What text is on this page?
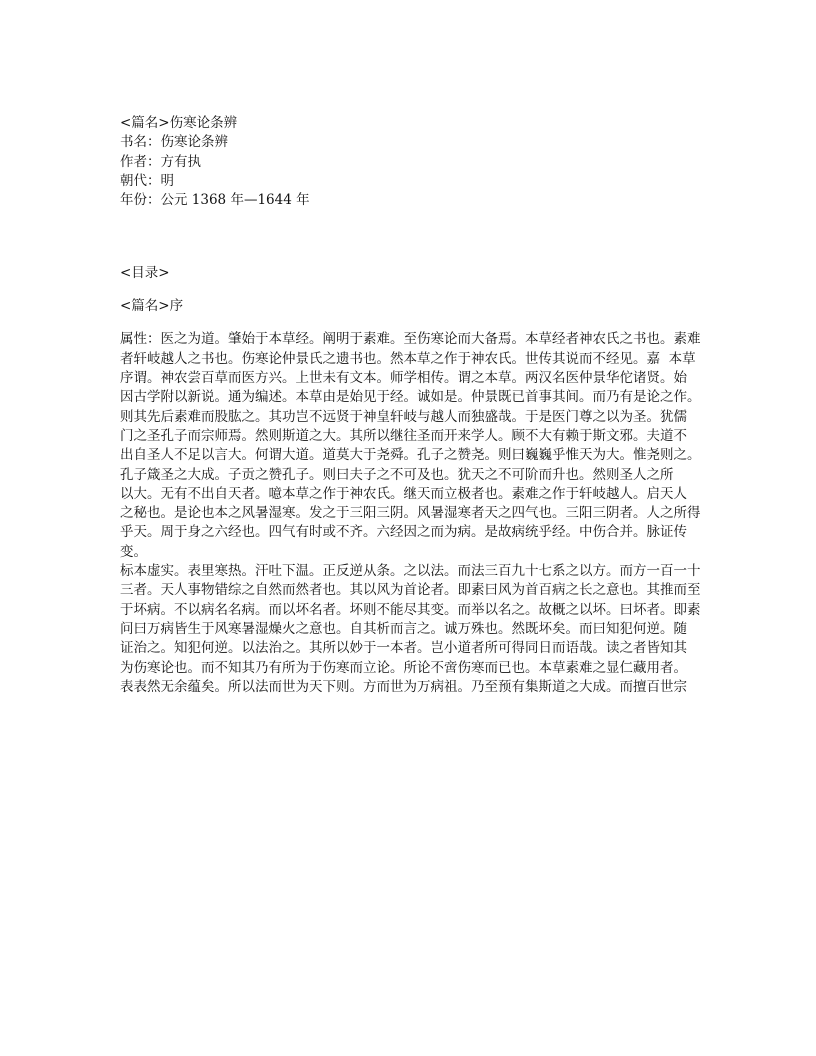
<篇名>伤寒论条辨
书名：伤寒论条辨
作者：方有执
朝代：明
年份：公元 1368 年—1644 年
<目录>
<篇名>序
属性：医之为道。肇始于本草经。阐明于素难。至伤寒论而大备焉。本草经者神农氏之书也。素难
者轩岐越人之书也。伤寒论仲景氏之遗书也。然本草之作于神农氏。世传其说而不经见。嘉  本草
序谓。神农尝百草而医方兴。上世未有文本。师学相传。谓之本草。两汉名医仲景华佗诸贤。始
因古学附以新说。通为编述。本草由是始见于经。诚如是。仲景既已首事其间。而乃有是论之作。
则其先后素难而股肱之。其功岂不远贤于神皇轩岐与越人而独盛哉。于是医门尊之以为圣。犹儒
门之圣孔子而宗师焉。然则斯道之大。其所以继往圣而开来学人。顾不大有赖于斯文邪。夫道不
出自圣人不足以言大。何谓大道。道莫大于尧舜。孔子之赞尧。则曰巍巍乎惟天为大。惟尧则之。
孔子箴圣之大成。子贡之赞孔子。则曰夫子之不可及也。犹天之不可阶而升也。然则圣人之所
以大。无有不出自天者。噫本草之作于神农氏。继天而立极者也。素难之作于轩岐越人。启天人
之秘也。是论也本之风暑湿寒。发之于三阳三阴。风暑湿寒者天之四气也。三阳三阴者。人之所得
乎天。周于身之六经也。四气有时或不齐。六经因之而为病。是故病统乎经。中伤合并。脉证传变。
标本虚实。表里寒热。汗吐下温。正反逆从条。之以法。而法三百九十七系之以方。而方一百一十
三者。天人事物错综之自然而然者也。其以风为首论者。即素曰风为首百病之长之意也。其推而至
于坏病。不以病名名病。而以坏名者。坏则不能尽其变。而举以名之。故概之以坏。曰坏者。即素
问曰万病皆生于风寒暑湿燥火之意也。自其析而言之。诚万殊也。然既坏矣。而曰知犯何逆。随
证治之。知犯何逆。以法治之。其所以妙于一本者。岂小道者所可得同日而语哉。读之者皆知其
为伤寒论也。而不知其乃有所为于伤寒而立论。所论不啻伤寒而已也。本草素难之显仁藏用者。
表表然无余蕴矣。所以法而世为天下则。方而世为万病祖。乃至预有集斯道之大成。而擅百世宗
